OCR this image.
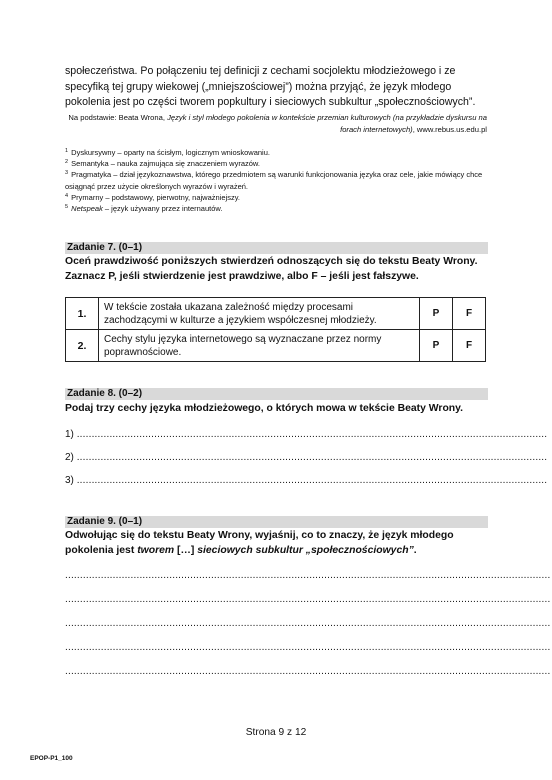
społeczeństwa. Po połączeniu tej definicji z cechami socjolektu młodzieżowego i ze specyfiką tej grupy wiekowej („mniejszościowej”) można przyjąć, że język młodego pokolenia jest po części tworem popkultury i sieciowych subkultur „społecznościowych”.

Na podstawie: Beata Wrona, Język i styl młodego pokolenia w kontekście przemian kulturowych (na przykładzie dyskursu na forach internetowych), www.rebus.us.edu.pl

$^1$ Dyskursywny – oparty na ścisłym, logicznym wnioskowaniu.
$^2$ Semantyka – nauka zajmująca się znaczeniem wyrazów.
$^3$ Pragmatyka – dział językoznawstwa, którego przedmiotem są warunki funkcjonowania języka oraz cele, jakie mówiący chce osiągnąć przez użycie określonych wyrazów i wyrażeń.
$^4$ Prymarny – podstawowy, pierwotny, najważniejszy.
$^5$ Netspeak – język używany przez internautów.
Zadanie 7. (0–1)

Oceń prawdziwość poniższych stwierdzeń odnoszących się do tekstu Beaty Wrony. Zaznacz P, jeśli stwierdzenie jest prawdziwe, albo F – jeśli jest fałszywe.

1.	W tekście została ukazana zależność między procesami zachodzącymi w kulturze a językiem współczesnej młodzieży.	P	F
2.	Cechy stylu języka internetowego są wyznaczane przez normy poprawnościowe.	P	F
Zadanie 8. (0–2)

Podaj trzy cechy języka młodzieżowego, o których mowa w tekście Beaty Wrony.

1) ..............................................................................................................................................................
2) ..............................................................................................................................................................
3) ..............................................................................................................................................................
Zadanie 9. (0–1)

Odwołując się do tekstu Beaty Wrony, wyjaśnij, co to znaczy, że język młodego pokolenia jest tworem […] sieciowych subkultur „społecznościowych”.

...................................................................................................................................................................
...................................................................................................................................................................
...................................................................................................................................................................
...................................................................................................................................................................
...................................................................................................................................................................
Strona 9 z 12
EPOP-P1_100
